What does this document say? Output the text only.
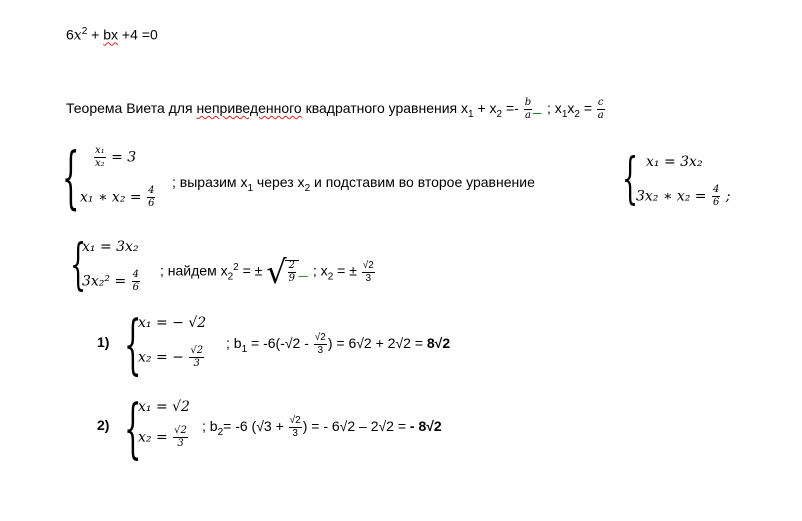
$6x^2$ + bx +4 =0
Теорема Виета для неприведенного квадратного уравнения $x_1 + x_2 =- \frac{b}{a}$ ; $x_1x_2 = \frac{c}{a}$
{ $\frac{\text{x₁}}{\text{x₂}} = 3$
x₁ ∗ $x_2 = \frac{4}{6}$
; выразим $x_1$ через $x_2$ и подставим во второе уравнение { x₁ = 3x₂
3x₂ ∗ $x_2 = \frac{4}{6}$ ;
{
x₁ = 3x₂
$3x_2^2 = \frac{4}{6}$ ; найдем $x_2^2$ = ± √ $\frac{2}{9}$ ; $x_2$ = ± $\frac{√2}{3}$
1) {
x₁ = − √2
x₂ = − $\frac{√2}{3}$
; $b_1 = -6(-√2 - \frac{√2}{3}$ ) = 6√2 + 2√2 = 8√2
2) {
x₁ = √2
$x_2 = \frac{√2}{3}$ ; $b_2= -6$ ($√3 + \frac{√2}{3}$ ) = - 6√2 – 2√2 = - 8√2
